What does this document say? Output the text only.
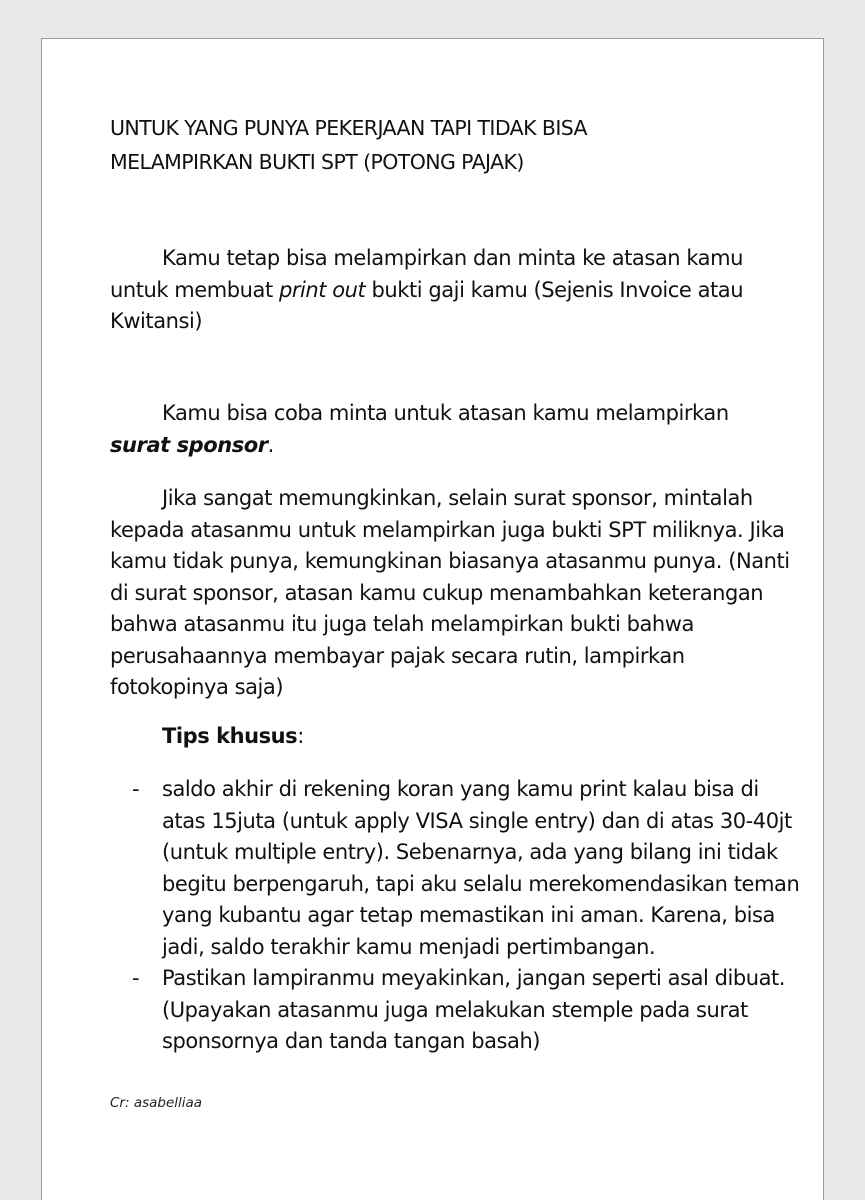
UNTUK YANG PUNYA PEKERJAAN TAPI TIDAK BISA
MELAMPIRKAN BUKTI SPT (POTONG PAJAK)

Kamu tetap bisa melampirkan dan minta ke atasan kamu untuk membuat print out bukti gaji kamu (Sejenis Invoice atau Kwitansi)

Kamu bisa coba minta untuk atasan kamu melampirkan surat sponsor.

Jika sangat memungkinkan, selain surat sponsor, mintalah kepada atasanmu untuk melampirkan juga bukti SPT miliknya. Jika kamu tidak punya, kemungkinan biasanya atasanmu punya. (Nanti di surat sponsor, atasan kamu cukup menambahkan keterangan bahwa atasanmu itu juga telah melampirkan bukti bahwa perusahaannya membayar pajak secara rutin, lampirkan fotokopinya saja)

Tips khusus:

- saldo akhir di rekening koran yang kamu print kalau bisa di atas 15juta (untuk apply VISA single entry) dan di atas 30-40jt (untuk multiple entry). Sebenarnya, ada yang bilang ini tidak begitu berpengaruh, tapi aku selalu merekomendasikan teman yang kubantu agar tetap memastikan ini aman. Karena, bisa jadi, saldo terakhir kamu menjadi pertimbangan.
- Pastikan lampiranmu meyakinkan, jangan seperti asal dibuat. (Upayakan atasanmu juga melakukan stemple pada surat sponsornya dan tanda tangan basah)

Cr: asabelliaa
